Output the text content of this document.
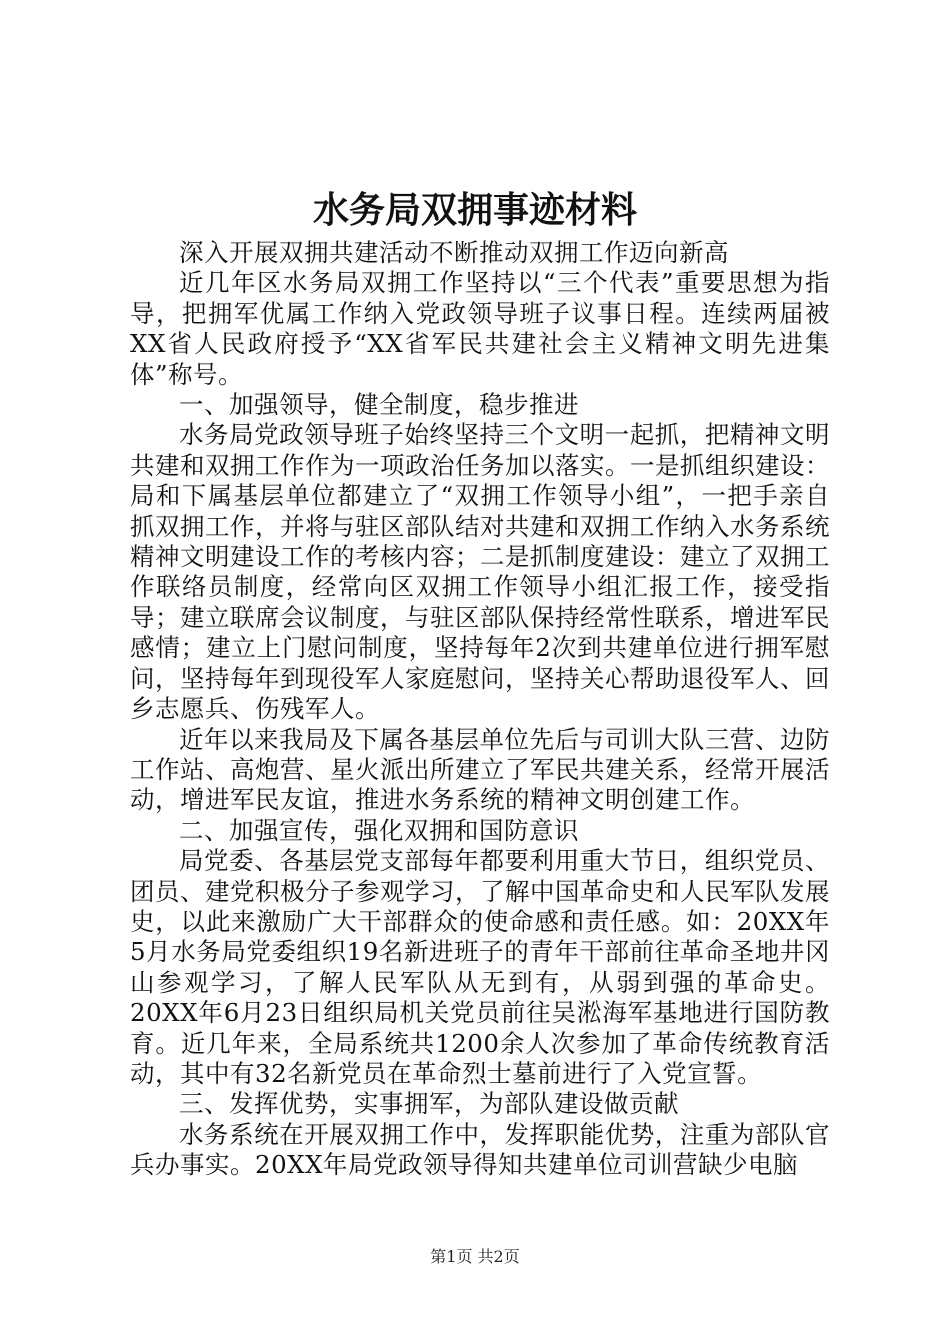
水务局双拥事迹材料

深入开展双拥共建活动不断推动双拥工作迈向新高

近几年区水务局双拥工作坚持以“三个代表”重要思想为指导，把拥军优属工作纳入党政领导班子议事日程。连续两届被XX省人民政府授予“XX省军民共建社会主义精神文明先进集体”称号。

一、加强领导，健全制度，稳步推进

水务局党政领导班子始终坚持三个文明一起抓，把精神文明共建和双拥工作作为一项政治任务加以落实。一是抓组织建设：局和下属基层单位都建立了“双拥工作领导小组”，一把手亲自抓双拥工作，并将与驻区部队结对共建和双拥工作纳入水务系统精神文明建设工作的考核内容；二是抓制度建设：建立了双拥工作联络员制度，经常向区双拥工作领导小组汇报工作，接受指导；建立联席会议制度，与驻区部队保持经常性联系，增进军民感情；建立上门慰问制度，坚持每年2次到共建单位进行拥军慰问，坚持每年到现役军人家庭慰问，坚持关心帮助退役军人、回乡志愿兵、伤残军人。

近年以来我局及下属各基层单位先后与司训大队三营、边防工作站、高炮营、星火派出所建立了军民共建关系，经常开展活动，增进军民友谊，推进水务系统的精神文明创建工作。

二、加强宣传，强化双拥和国防意识

局党委、各基层党支部每年都要利用重大节日，组织党员、团员、建党积极分子参观学习，了解中国革命史和人民军队发展史，以此来激励广大干部群众的使命感和责任感。如：20XX年5月水务局党委组织19名新进班子的青年干部前往革命圣地井冈山参观学习，了解人民军队从无到有，从弱到强的革命史。20XX年6月23日组织局机关党员前往吴淞海军基地进行国防教育。近几年来，全局系统共1200余人次参加了革命传统教育活动，其中有32名新党员在革命烈士墓前进行了入党宣誓。

三、发挥优势，实事拥军，为部队建设做贡献

水务系统在开展双拥工作中，发挥职能优势，注重为部队官兵办事实。20XX年局党政领导得知共建单位司训营缺少电脑

第1页 共2页
